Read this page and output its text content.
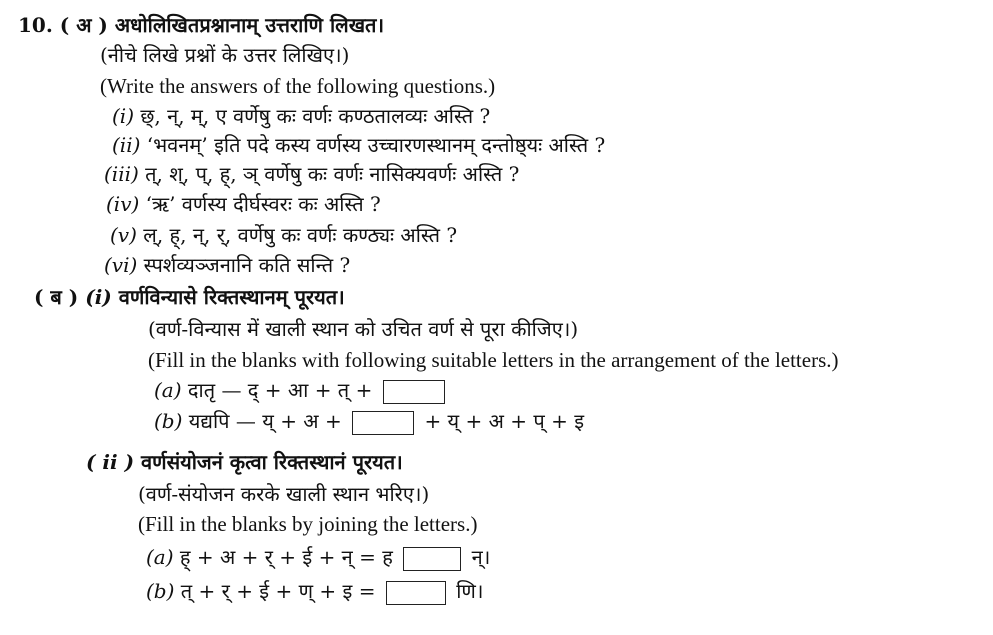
10. ( अ ) अधोलिखितप्रश्नानाम् उत्तराणि लिखत।
(नीचे लिखे प्रश्नों के उत्तर लिखिए।)
(Write the answers of the following questions.)
(i) छ्, न्, म्, ए वर्णेषु कः वर्णः कण्ठतालव्यः अस्ति ?
(ii) ‘भवनम्’ इति पदे कस्य वर्णस्य उच्चारणस्थानम् दन्तोष्ठ्यः अस्ति ?
(iii) त्, श्, प्, ह्, ञ् वर्णेषु कः वर्णः नासिक्यवर्णः अस्ति ?
(iv) ‘ऋ’ वर्णस्य दीर्घस्वरः कः अस्ति ?
(v) ल्, ह्, न्, र्, वर्णेषु कः वर्णः कण्ठ्यः अस्ति ?
(vi) स्पर्शव्यञ्जनानि कति सन्ति ?
( ब ) (i) वर्णविन्यासे रिक्तस्थानम् पूरयत।
(वर्ण-विन्यास में खाली स्थान को उचित वर्ण से पूरा कीजिए।)
(Fill in the blanks with following suitable letters in the arrangement of the letters.)
(a) दातृ — द् + आ + त् +
(b) यद्यपि — य् + अ +	+ य् + अ + प् + इ
( ii ) वर्णसंयोजनं कृत्वा रिक्तस्थानं पूरयत।
(वर्ण-संयोजन करके खाली स्थान भरिए।)
(Fill in the blanks by joining the letters.)
(a) ह् + अ + र् + ई + न् = ह	न्।
(b) त् + र् + ई + ण् + इ =	णि।
